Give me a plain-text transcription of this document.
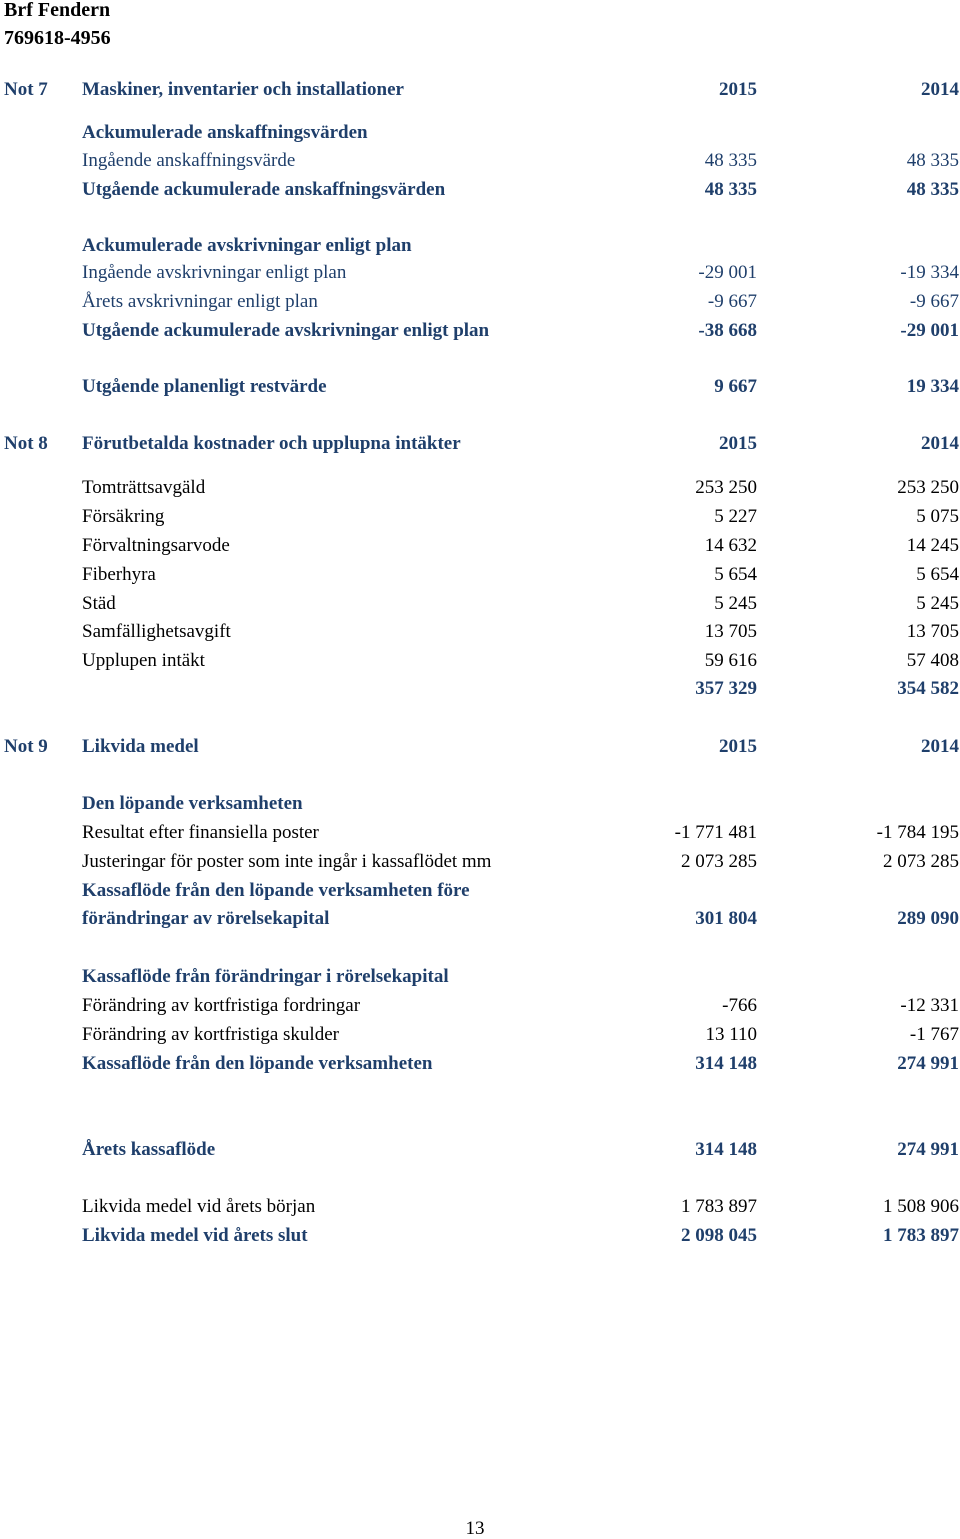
Brf Fendern
769618-4956
Not 7 Maskiner, inventarier och installationer	2015	2014
Ackumulerade anskaffningsvärden
Ingående anskaffningsvärde	48 335	48 335
Utgående ackumulerade anskaffningsvärden	48 335	48 335
Ackumulerade avskrivningar enligt plan
Ingående avskrivningar enligt plan	-29 001	-19 334
Årets avskrivningar enligt plan	-9 667	-9 667
Utgående ackumulerade avskrivningar enligt plan	-38 668	-29 001
Utgående planenligt restvärde	9 667	19 334
Not 8 Förutbetalda kostnader och upplupna intäkter	2015	2014
Tomträttsavgäld	253 250	253 250
Försäkring	5 227	5 075
Förvaltningsarvode	14 632	14 245
Fiberhyra	5 654	5 654
Städ	5 245	5 245
Samfällighetsavgift	13 705	13 705
Upplupen intäkt	59 616	57 408
357 329	354 582
Not 9 Likvida medel	2015	2014
Den löpande verksamheten
Resultat efter finansiella poster	-1 771 481	-1 784 195
Justeringar för poster som inte ingår i kassaflödet mm	2 073 285	2 073 285
Kassaflöde från den löpande verksamheten före
förändringar av rörelsekapital	301 804	289 090
Kassaflöde från förändringar i rörelsekapital
Förändring av kortfristiga fordringar	-766	-12 331
Förändring av kortfristiga skulder	13 110	-1 767
Kassaflöde från den löpande verksamheten	314 148	274 991
Årets kassaflöde	314 148	274 991
Likvida medel vid årets början	1 783 897	1 508 906
Likvida medel vid årets slut	2 098 045	1 783 897
13
